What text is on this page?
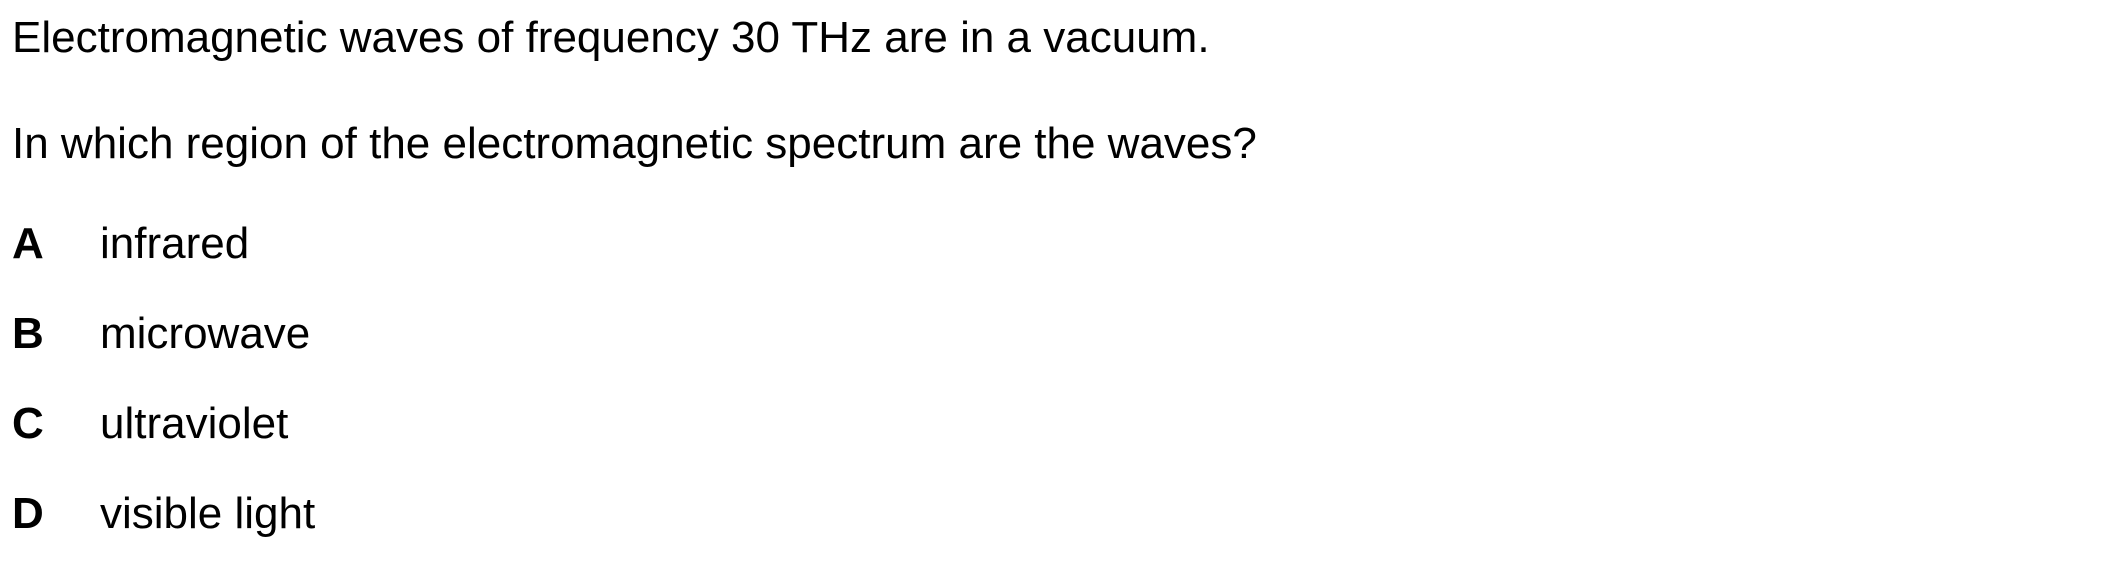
Electromagnetic waves of frequency 30 THz are in a vacuum.
In which region of the electromagnetic spectrum are the waves?
A infrared
B microwave
C ultraviolet
D visible light
